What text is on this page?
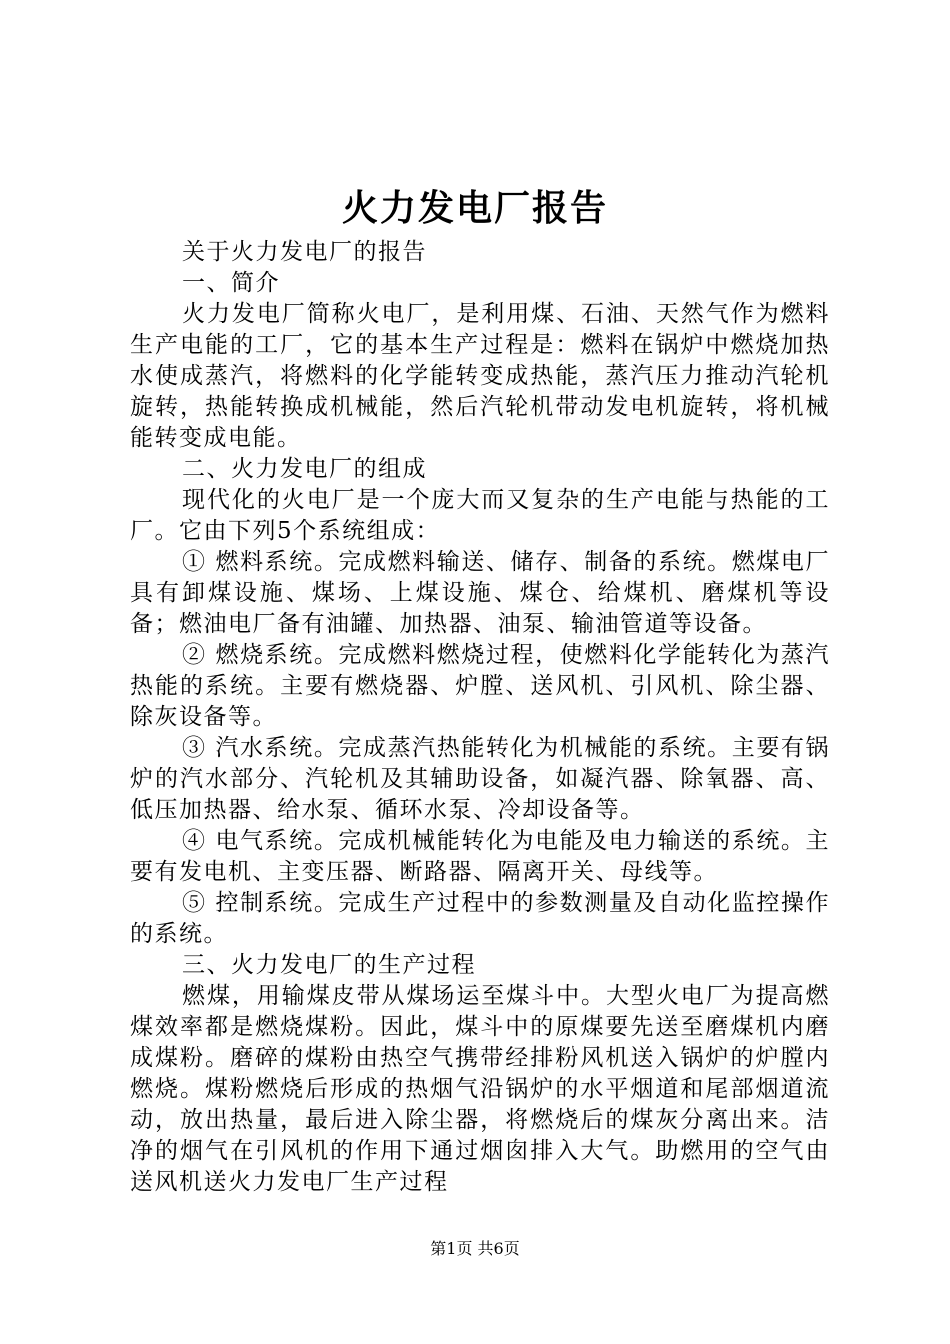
火力发电厂报告

关于火力发电厂的报告

一、简介

火力发电厂简称火电厂，是利用煤、石油、天然气作为燃料生产电能的工厂，它的基本生产过程是：燃料在锅炉中燃烧加热水使成蒸汽，将燃料的化学能转变成热能，蒸汽压力推动汽轮机旋转，热能转换成机械能，然后汽轮机带动发电机旋转，将机械能转变成电能。

二、火力发电厂的组成

现代化的火电厂是一个庞大而又复杂的生产电能与热能的工厂。它由下列5个系统组成：

① 燃料系统。完成燃料输送、储存、制备的系统。燃煤电厂具有卸煤设施、煤场、上煤设施、煤仓、给煤机、磨煤机等设备；燃油电厂备有油罐、加热器、油泵、输油管道等设备。

② 燃烧系统。完成燃料燃烧过程，使燃料化学能转化为蒸汽热能的系统。主要有燃烧器、炉膛、送风机、引风机、除尘器、除灰设备等。

③ 汽水系统。完成蒸汽热能转化为机械能的系统。主要有锅炉的汽水部分、汽轮机及其辅助设备，如凝汽器、除氧器、高、低压加热器、给水泵、循环水泵、冷却设备等。

④ 电气系统。完成机械能转化为电能及电力输送的系统。主要有发电机、主变压器、断路器、隔离开关、母线等。

⑤ 控制系统。完成生产过程中的参数测量及自动化监控操作的系统。

三、火力发电厂的生产过程

燃煤，用输煤皮带从煤场运至煤斗中。大型火电厂为提高燃煤效率都是燃烧煤粉。因此，煤斗中的原煤要先送至磨煤机内磨成煤粉。磨碎的煤粉由热空气携带经排粉风机送入锅炉的炉膛内燃烧。煤粉燃烧后形成的热烟气沿锅炉的水平烟道和尾部烟道流动，放出热量，最后进入除尘器，将燃烧后的煤灰分离出来。洁净的烟气在引风机的作用下通过烟囱排入大气。助燃用的空气由送风机送火力发电厂生产过程

第1页 共6页
